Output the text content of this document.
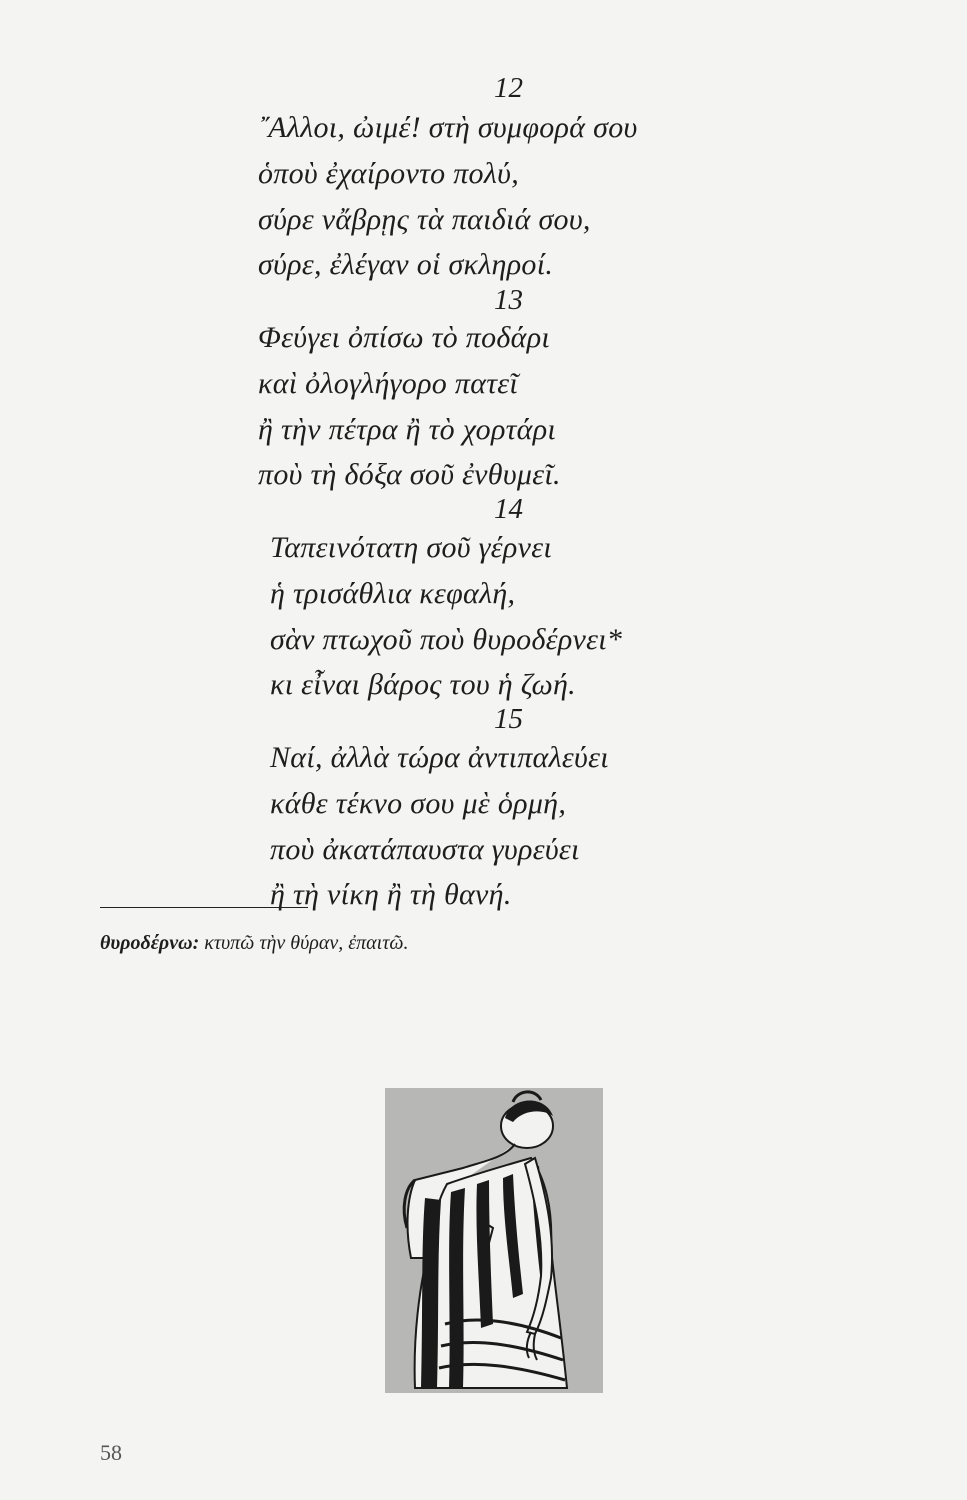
12
῎Αλλοι, ὠιμέ! στὴ συμφορά σου
ὁποὺ ἐχαίροντο πολύ,
σύρε νἄβρῃς τὰ παιδιά σου,
σύρε, ἐλέγαν οἱ σκληροί.
13
Φεύγει ὀπίσω τὸ ποδάρι
καὶ ὀλογλήγορο πατεῖ
ἢ τὴν πέτρα ἢ τὸ χορτάρι
ποὺ τὴ δόξα σοῦ ἐνθυμεῖ.
14
Ταπεινότατη σοῦ γέρνει
ἡ τρισάθλια κεφαλή,
σὰν πτωχοῦ ποὺ θυροδέρνει*
κι εἶναι βάρος του ἡ ζωή.
15
Ναί, ἀλλὰ τώρα ἀντιπαλεύει
κάθε τέκνο σου μὲ ὁρμή,
ποὺ ἀκατάπαυστα γυρεύει
ἢ τὴ νίκη ἢ τὴ θανή.
θυροδέρνω: κτυπῶ τὴν θύραν, ἐπαιτῶ.
58
